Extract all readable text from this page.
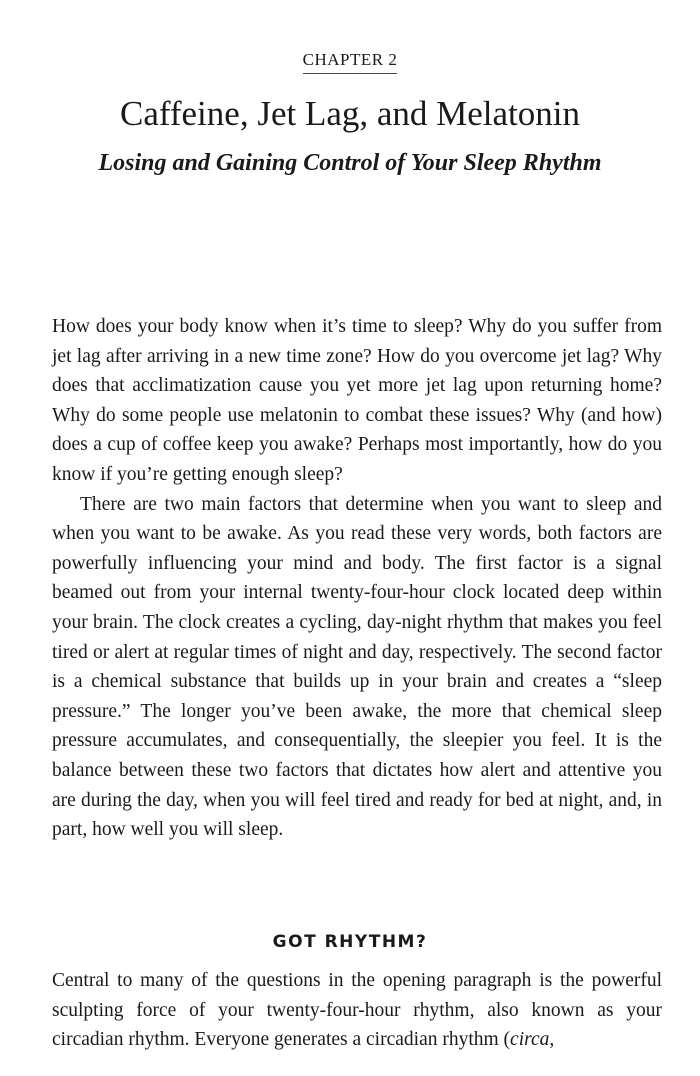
CHAPTER 2
Caffeine, Jet Lag, and Melatonin
Losing and Gaining Control of Your Sleep Rhythm

How does your body know when it’s time to sleep? Why do you suffer from jet lag after arriving in a new time zone? How do you overcome jet lag? Why does that acclimatization cause you yet more jet lag upon returning home? Why do some people use melatonin to combat these issues? Why (and how) does a cup of coffee keep you awake? Perhaps most importantly, how do you know if you’re getting enough sleep?

There are two main factors that determine when you want to sleep and when you want to be awake. As you read these very words, both factors are powerfully influencing your mind and body. The first factor is a signal beamed out from your internal twenty-four-hour clock located deep within your brain. The clock creates a cycling, day-night rhythm that makes you feel tired or alert at regular times of night and day, respectively. The second factor is a chemical substance that builds up in your brain and creates a “sleep pressure.” The longer you’ve been awake, the more that chemical sleep pressure accumulates, and consequentially, the sleepier you feel. It is the balance between these two factors that dictates how alert and attentive you are during the day, when you will feel tired and ready for bed at night, and, in part, how well you will sleep.

GOT RHYTHM?

Central to many of the questions in the opening paragraph is the powerful sculpting force of your twenty-four-hour rhythm, also known as your circadian rhythm. Everyone generates a circadian rhythm (circa,
